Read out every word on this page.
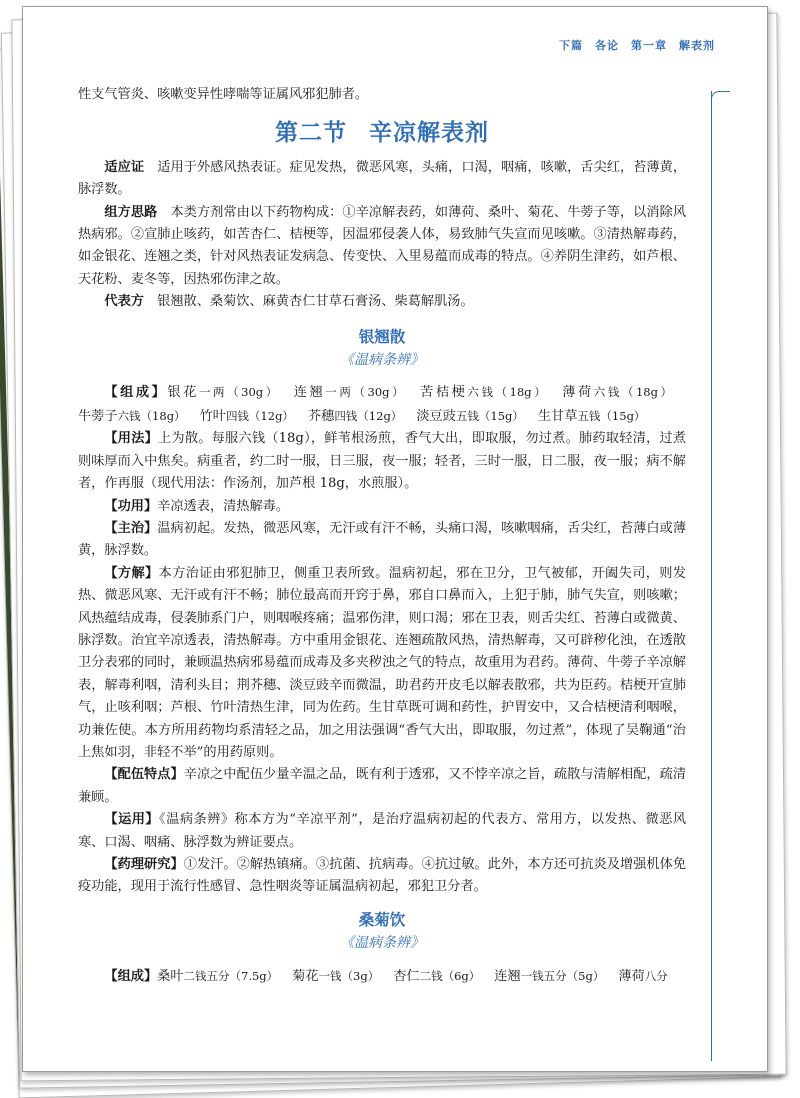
下篇　各论　第一章　解表剂

性支气管炎、咳嗽变异性哮喘等证属风邪犯肺者。

第二节 辛凉解表剂

适应证　 适用于外感风热表证。症见发热，微恶风寒，头痛，口渴，咽痛，咳嗽，舌尖红，苔薄黄，脉浮数。

组方思路　 本类方剂常由以下药物构成：①辛凉解表药，如薄荷、桑叶、菊花、牛蒡子等，以消除风热病邪。②宣肺止咳药，如苦杏仁、桔梗等，因温邪侵袭人体，易致肺气失宣而见咳嗽。③清热解毒药，如金银花、连翘之类，针对风热表证发病急、传变快、入里易蕴而成毒的特点。④养阴生津药，如芦根、天花粉、麦冬等，因热邪伤津之故。

代表方　 银翘散、桑菊饮、麻黄杏仁甘草石膏汤、柴葛解肌汤。

银翘散
《温病条辨》

【组成】银花一两（30g） 连翘一两（30g） 苦桔梗六钱（18g） 薄荷六钱（18g）牛蒡子六钱（18g） 竹叶四钱（12g） 芥穗四钱（12g） 淡豆豉五钱（15g） 生甘草五钱（15g）

【用法】上为散。每服六钱（18g），鲜苇根汤煎，香气大出，即取服，勿过煮。肺药取轻清，过煮则味厚而入中焦矣。病重者，约二时一服，日三服，夜一服；轻者，三时一服，日二服，夜一服；病不解者，作再服（现代用法：作汤剂，加芦根 18g，水煎服）。

【功用】辛凉透表，清热解毒。

【主治】温病初起。发热，微恶风寒，无汗或有汗不畅，头痛口渴，咳嗽咽痛，舌尖红，苔薄白或薄黄，脉浮数。

【方解】本方治证由邪犯肺卫，侧重卫表所致。温病初起，邪在卫分，卫气被郁，开阖失司，则发热、微恶风寒、无汗或有汗不畅；肺位最高而开窍于鼻，邪自口鼻而入，上犯于肺，肺气失宣，则咳嗽；风热蕴结成毒，侵袭肺系门户，则咽喉疼痛；温邪伤津，则口渴；邪在卫表，则舌尖红、苔薄白或微黄、脉浮数。治宜辛凉透表，清热解毒。方中重用金银花、连翘疏散风热，清热解毒，又可辟秽化浊，在透散卫分表邪的同时，兼顾温热病邪易蕴而成毒及多夹秽浊之气的特点，故重用为君药。薄荷、牛蒡子辛凉解表，解毒利咽，清利头目；荆芥穗、淡豆豉辛而微温，助君药开皮毛以解表散邪，共为臣药。桔梗开宣肺气，止咳利咽；芦根、竹叶清热生津，同为佐药。生甘草既可调和药性，护胃安中，又合桔梗清利咽喉，功兼佐使。本方所用药物均系清轻之品，加之用法强调“香气大出，即取服，勿过煮”，体现了吴鞠通“治上焦如羽，非轻不举”的用药原则。

【配伍特点】辛凉之中配伍少量辛温之品，既有利于透邪，又不悖辛凉之旨，疏散与清解相配，疏清兼顾。

【运用】《温病条辨》称本方为“辛凉平剂”，是治疗温病初起的代表方、常用方，以发热、微恶风寒、口渴、咽痛、脉浮数为辨证要点。

【药理研究】①发汗。②解热镇痛。③抗菌、抗病毒。④抗过敏。此外，本方还可抗炎及增强机体免疫功能，现用于流行性感冒、急性咽炎等证属温病初起，邪犯卫分者。

桑菊饮
《温病条辨》

【组成】桑叶二钱五分（7.5g） 菊花一钱（3g） 杏仁二钱（6g） 连翘一钱五分（5g） 薄荷八分
